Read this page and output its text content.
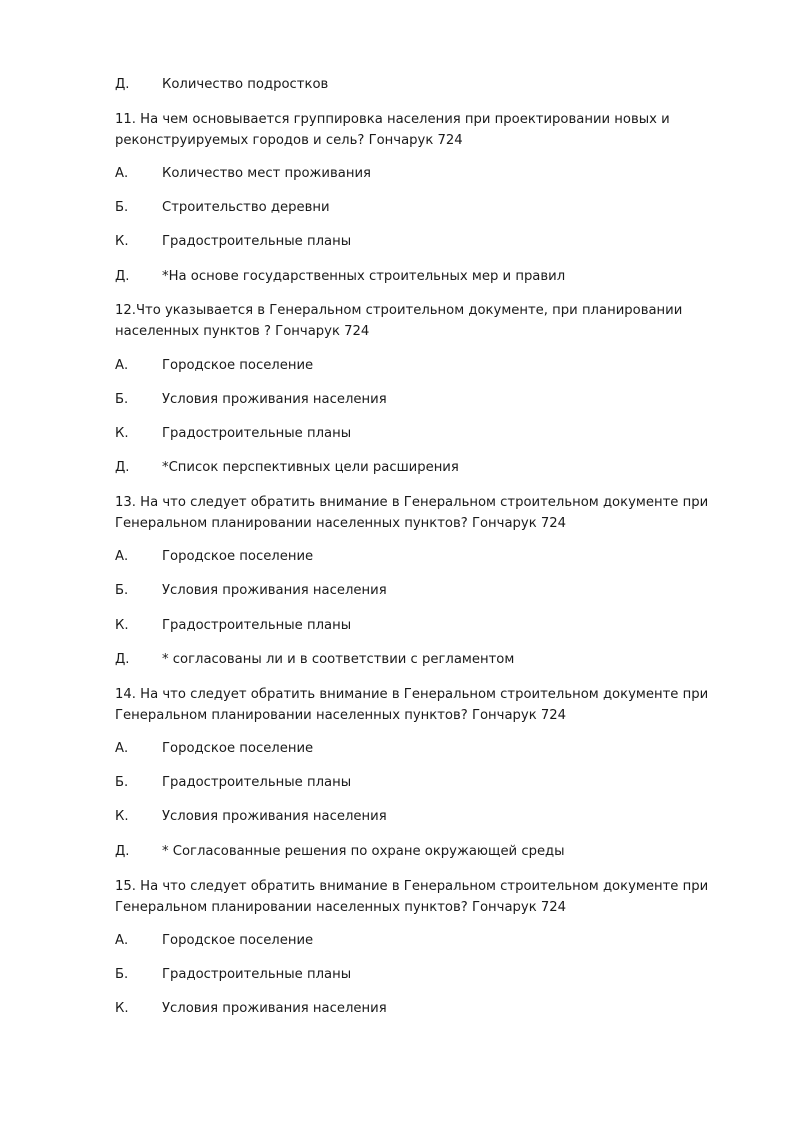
Д. Количество подростков
11. На чем основывается группировка населения при проектировании новых и реконструируемых городов и сель? Гончарук 724
А.	Количество мест проживания
Б.	Строительство деревни
К.	Градостроительные планы
Д. *На основе государственных строительных мер и правил
12.Что указывается в Генеральном строительном документе, при планировании населенных пунктов ? Гончарук 724
А.	Городское поселение
Б.	Условия проживания населения
К.	Градостроительные планы
Д. *Список перспективных цели расширения
13. На что следует обратить внимание в Генеральном строительном документе при Генеральном планировании населенных пунктов? Гончарук 724
А.	Городское поселение
Б.	Условия проживания населения
К.	Градостроительные планы
Д. * согласованы ли и в соответствии с регламентом
14. На что следует обратить внимание в Генеральном строительном документе при Генеральном планировании населенных пунктов? Гончарук 724
А.	Городское поселение
Б.	Градостроительные планы
К.	Условия проживания населения
Д. * Согласованные решения по охране окружающей среды
15. На что следует обратить внимание в Генеральном строительном документе при Генеральном планировании населенных пунктов? Гончарук 724
А.	Городское поселение
Б.	Градостроительные планы
К.	Условия проживания населения
